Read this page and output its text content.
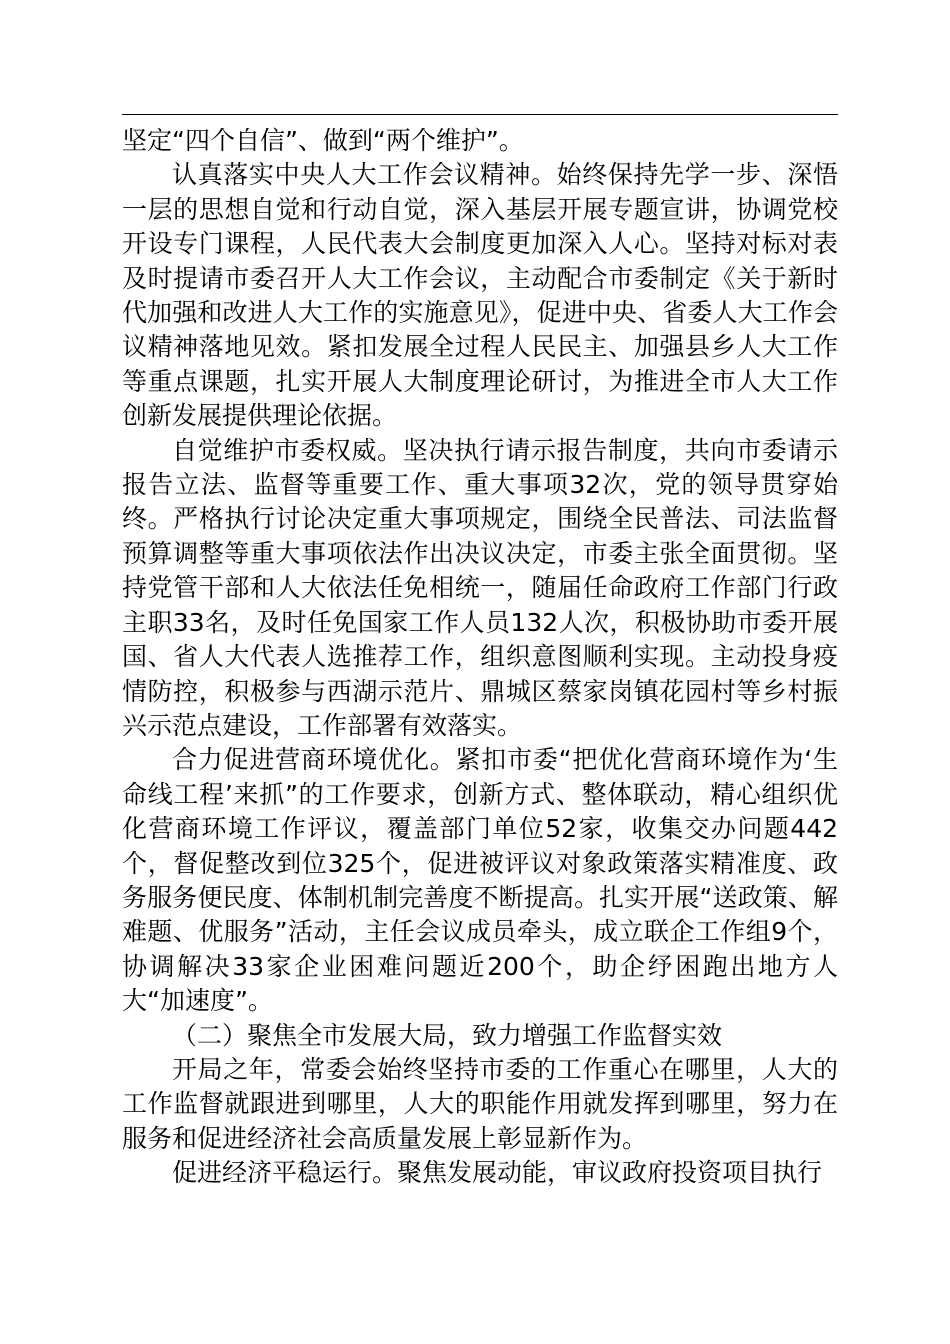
坚定“四个自信”、做到“两个维护”。

认真落实中央人大工作会议精神。始终保持先学一步、深悟一层的思想自觉和行动自觉，深入基层开展专题宣讲，协调党校开设专门课程，人民代表大会制度更加深入人心。坚持对标对表及时提请市委召开人大工作会议，主动配合市委制定《关于新时代加强和改进人大工作的实施意见》，促进中央、省委人大工作会议精神落地见效。紧扣发展全过程人民民主、加强县乡人大工作等重点课题，扎实开展人大制度理论研讨，为推进全市人大工作创新发展提供理论依据。

自觉维护市委权威。坚决执行请示报告制度，共向市委请示报告立法、监督等重要工作、重大事项32次，党的领导贯穿始终。严格执行讨论决定重大事项规定，围绕全民普法、司法监督预算调整等重大事项依法作出决议决定，市委主张全面贯彻。坚持党管干部和人大依法任免相统一，随届任命政府工作部门行政主职33名，及时任免国家工作人员132人次，积极协助市委开展国、省人大代表人选推荐工作，组织意图顺利实现。主动投身疫情防控，积极参与西湖示范片、鼎城区蔡家岗镇花园村等乡村振兴示范点建设，工作部署有效落实。

合力促进营商环境优化。紧扣市委“把优化营商环境作为‘生命线工程’来抓”的工作要求，创新方式、整体联动，精心组织优化营商环境工作评议，覆盖部门单位52家，收集交办问题442个，督促整改到位325个，促进被评议对象政策落实精准度、政务服务便民度、体制机制完善度不断提高。扎实开展“送政策、解难题、优服务”活动，主任会议成员牵头，成立联企工作组9个，协调解决33家企业困难问题近200个，助企纾困跑出地方人大“加速度”。

（二）聚焦全市发展大局，致力增强工作监督实效

开局之年，常委会始终坚持市委的工作重心在哪里，人大的工作监督就跟进到哪里，人大的职能作用就发挥到哪里，努力在服务和促进经济社会高质量发展上彰显新作为。

促进经济平稳运行。聚焦发展动能，审议政府投资项目执行
